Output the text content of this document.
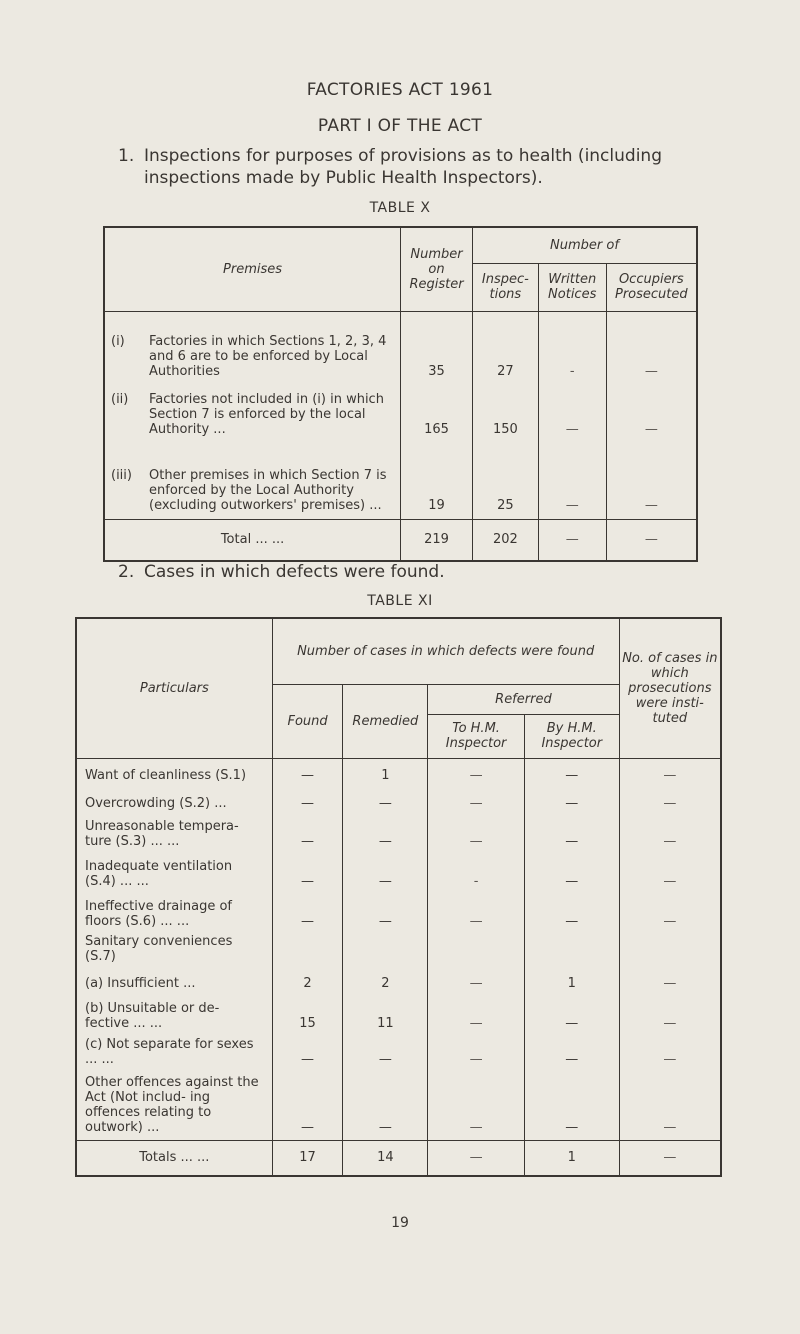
FACTORIES ACT 1961
PART I OF THE ACT
1. Inspections for purposes of provisions as to health (including inspections made by Public Health Inspectors).
TABLE X
Premises	Number on Register	Number of		
		Inspec- tions	Written Notices	Occupiers Prosecuted

(i) Factories in which Sections 1, 2, 3, 4 and 6 are to be enforced by Local Authorities	35	27	-	—

(ii) Factories not included in (i) in which Section 7 is enforced by the local Authority ...	165	150	—	—

(iii) Other premises in which Section 7 is enforced by the Local Authority (excluding outworkers' premises) ...	19	25	—	—
Total ... ...	219	202	—	—
2. Cases in which defects were found.
TABLE XI
Particulars	Number of cases in which defects were found				No. of cases in which prosecutions were insti- tuted
	Found	Remedied	Referred		
			To H.M. Inspector	By H.M. Inspector	
Want of cleanliness (S.1)	—	1	—	—	—
Overcrowding (S.2) ...	—	—	—	—	—
Unreasonable tempera- ture (S.3) ... ...	—	—	—	—	—
Inadequate ventilation (S.4) ... ...	—	—	-	—	—
Ineffective drainage of floors (S.6) ... ...	—	—	—	—	—
Sanitary conveniences (S.7)					
(a) Insufficient ...	2	2	—	1	—
(b) Unsuitable or de- fective ... ...	15	11	—	—	—
(c) Not separate for sexes ... ...	—	—	—	—	—
Other offences against the Act (Not includ- ing offences relating to outwork) ...	—	—	—	—	—
Totals ... ...	17	14	—	1	—
19
